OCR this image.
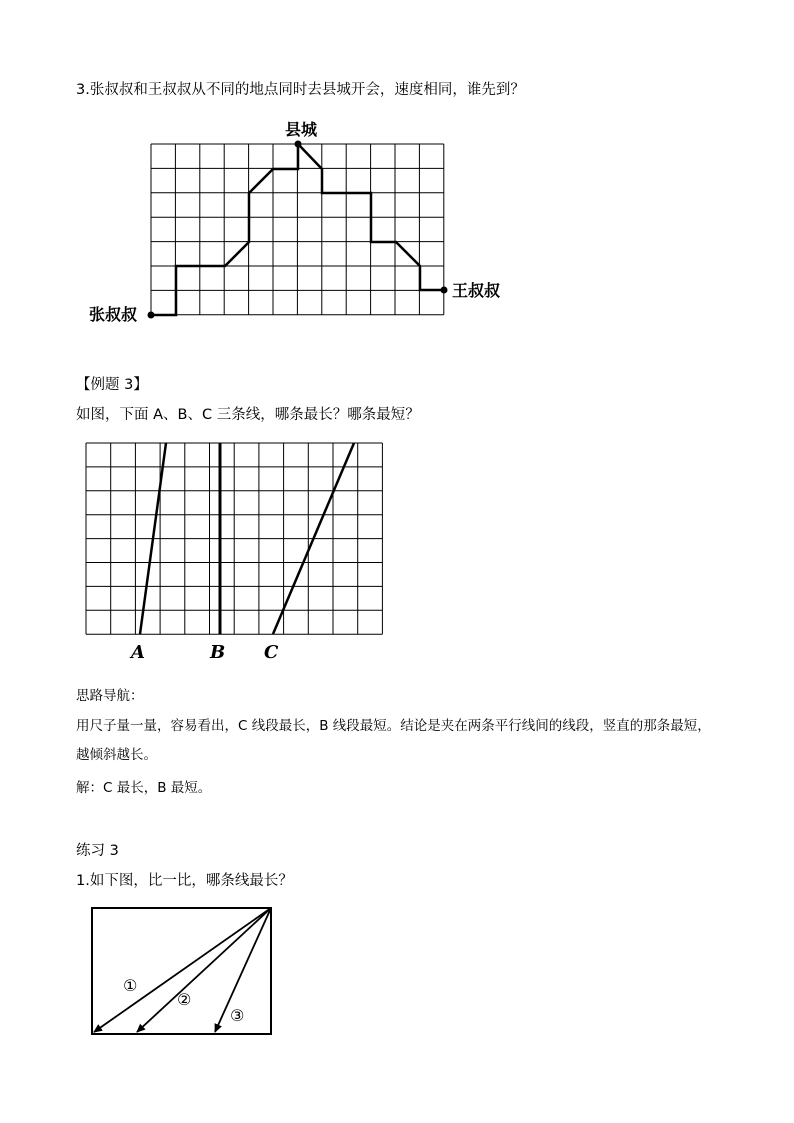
3.张叔叔和王叔叔从不同的地点同时去县城开会，速度相同，谁先到？
县城
张叔叔
王叔叔
【例题 3】
如图，下面 A、B、C 三条线，哪条最长？哪条最短？
A	B C
思路导航：
用尺子量一量，容易看出，C 线段最长，B 线段最短。结论是夹在两条平行线间的线段，竖直的那条最短，
越倾斜越长。
解：C 最长，B 最短。
练习 3
1.如下图，比一比，哪条线最长？
①
②
③
